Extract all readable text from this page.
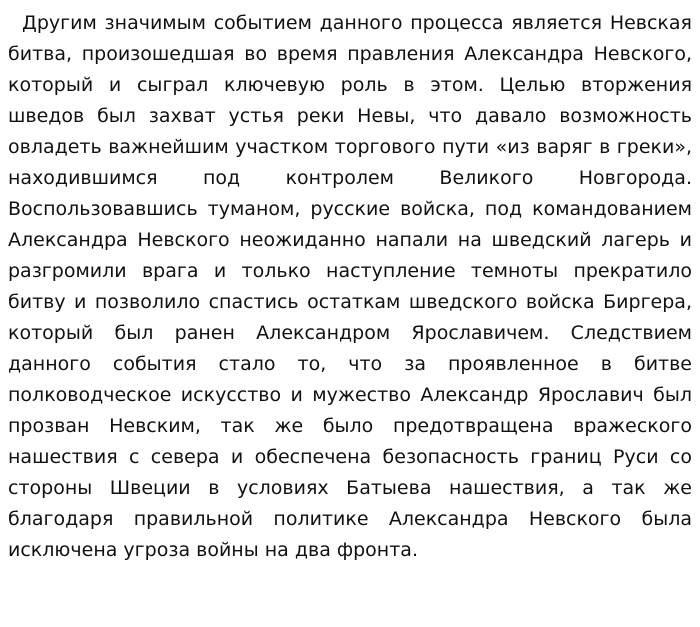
Другим значимым событием данного процесса является Невская битва, произошедшая во время правления Александра Невского, который и сыграл ключевую роль в этом. Целью вторжения шведов был захват устья реки Невы, что давало возможность овладеть важнейшим участком торгового пути «из варяг в греки», находившимся под контролем Великого Новгорода. Воспользовавшись туманом, русские войска, под командованием Александра Невского неожиданно напали на шведский лагерь и разгромили врага и только наступление темноты прекратило битву и позволило спастись остаткам шведского войска Биргера, который был ранен Александром Ярославичем. Следствием данного события стало то, что за проявленное в битве полководческое искусство и мужество Александр Ярославич был прозван Невским, так же было предотвращена вражеского нашествия с севера и обеспечена безопасность границ Руси со стороны Швеции в условиях Батыева нашествия, а так же благодаря правильной политике Александра Невского была исключена угроза войны на два фронта.
